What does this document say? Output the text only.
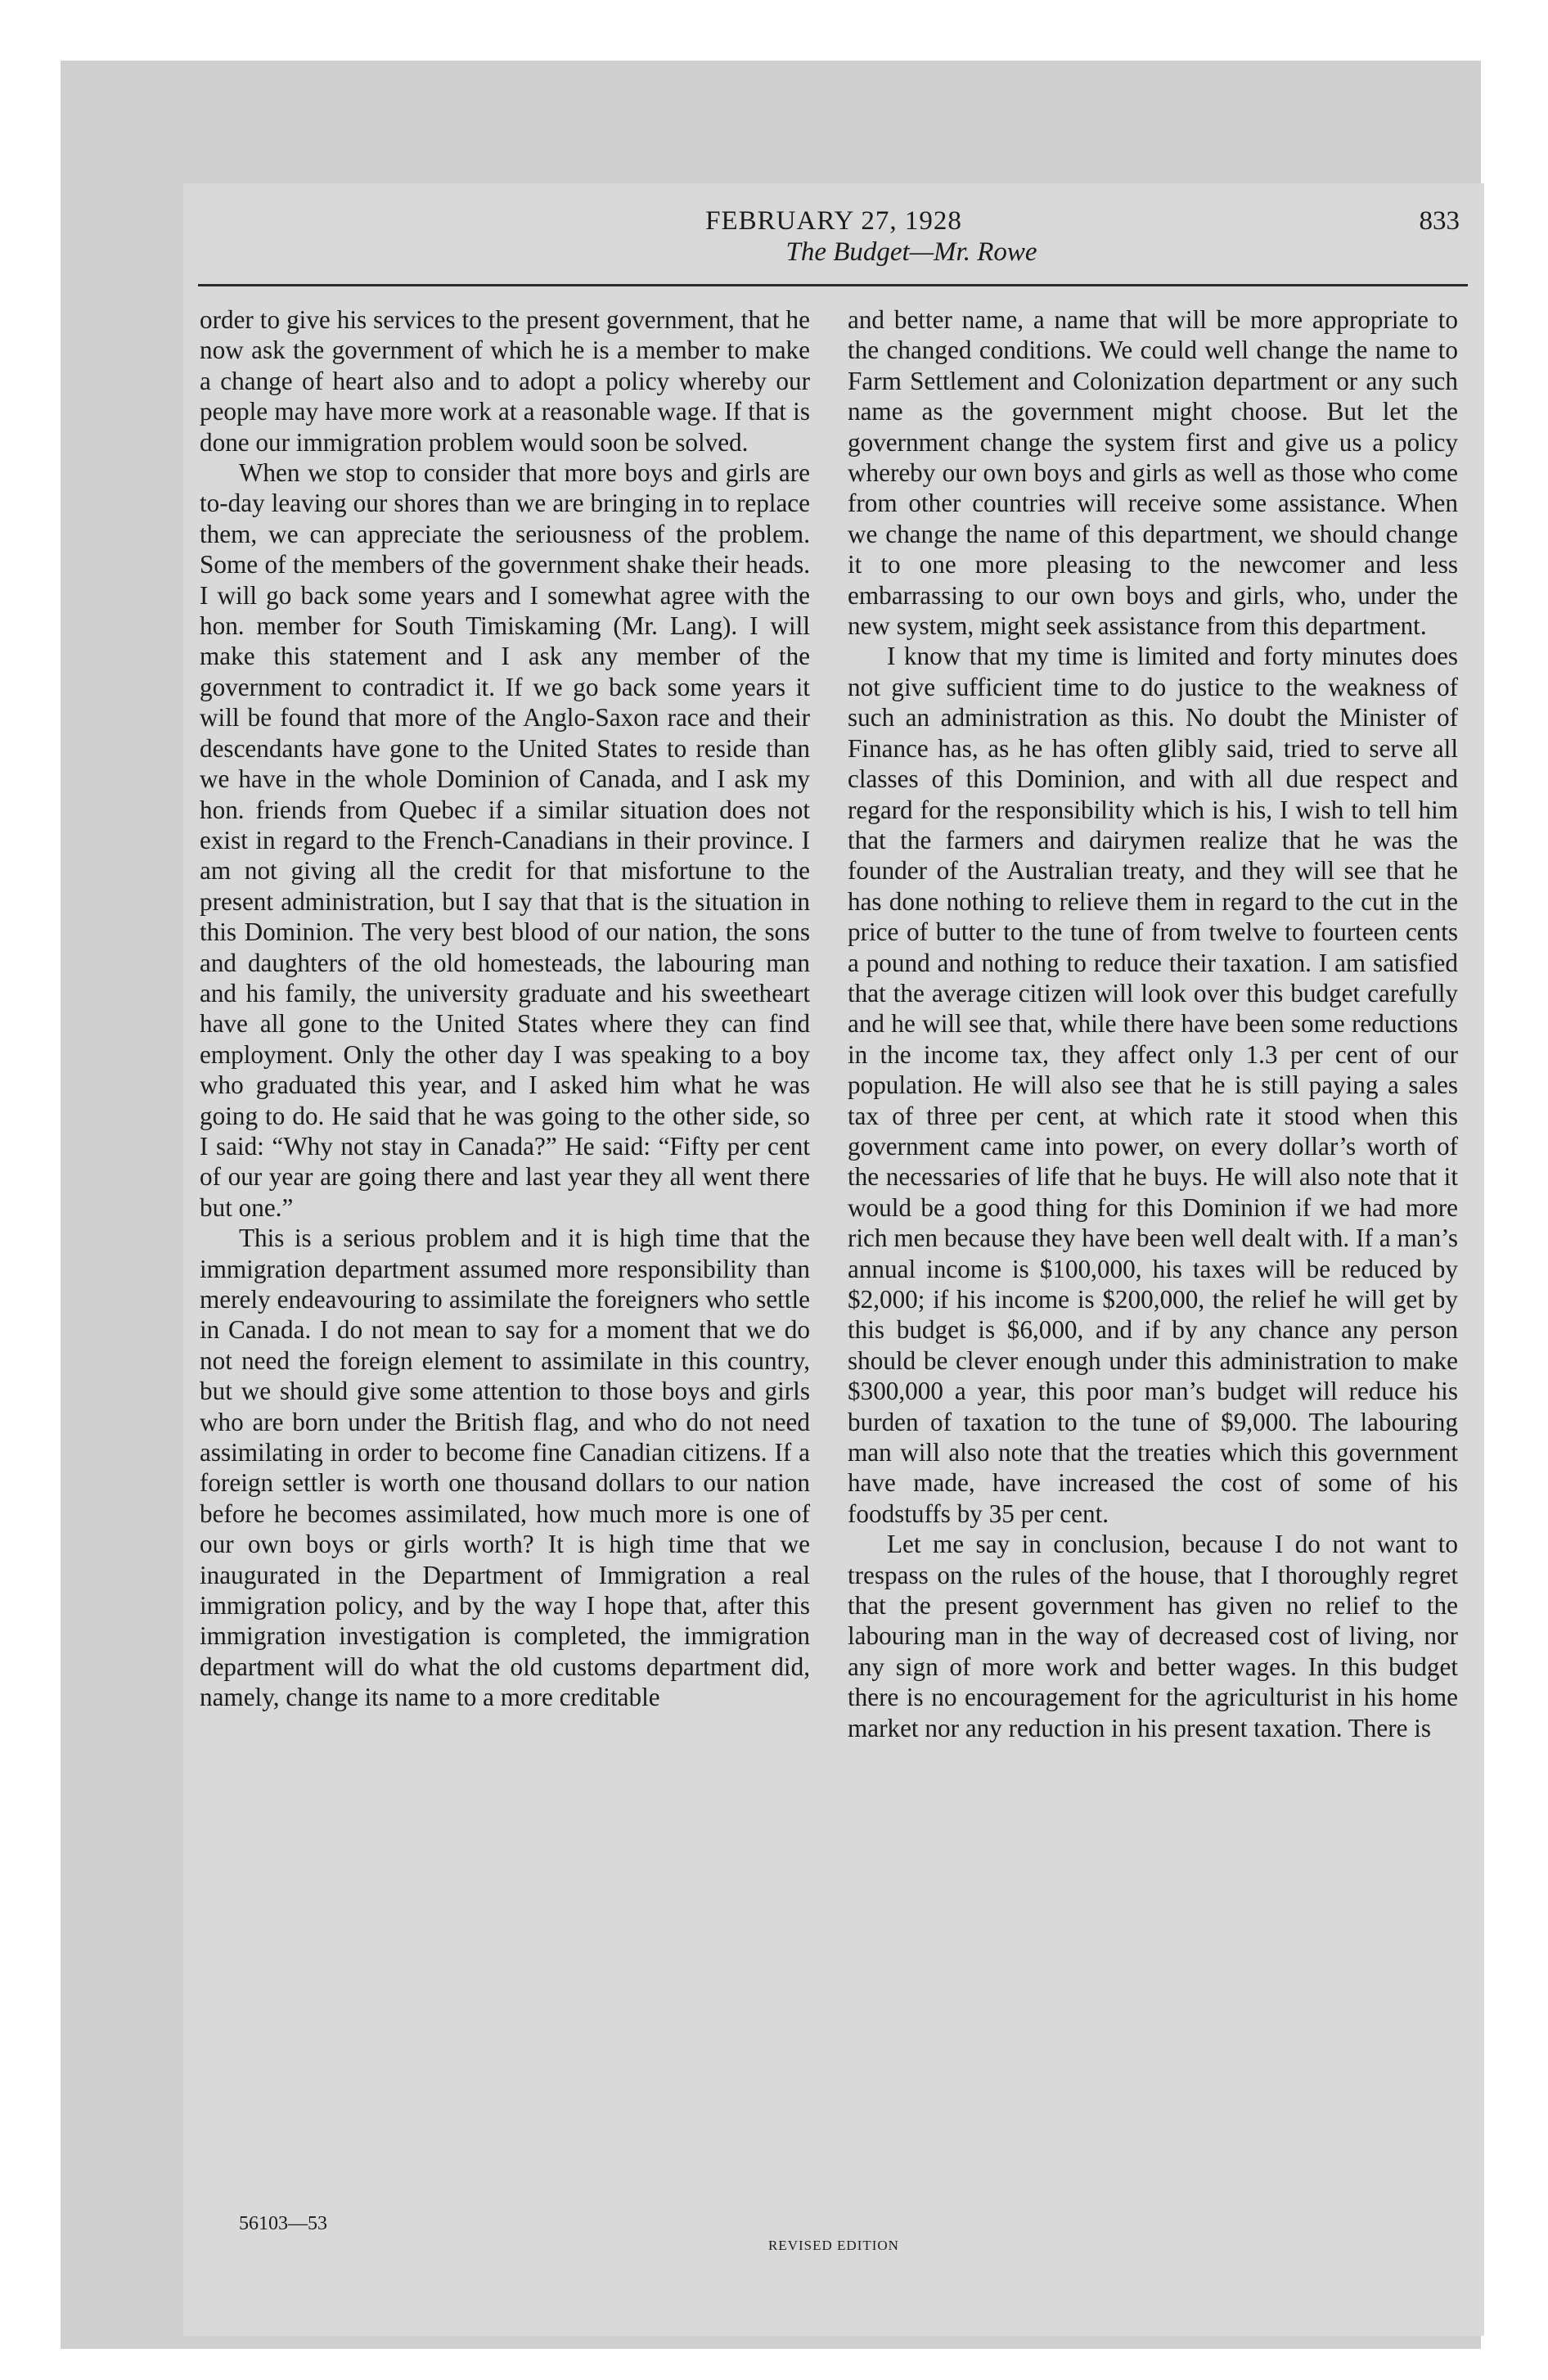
FEBRUARY 27, 1928	833
The Budget—Mr. Rowe

order to give his services to the present government, that he now ask the government of which he is a member to make a change of heart also and to adopt a policy whereby our people may have more work at a reasonable wage. If that is done our immigration problem would soon be solved.

When we stop to consider that more boys and girls are to-day leaving our shores than we are bringing in to replace them, we can appreciate the seriousness of the problem. Some of the members of the government shake their heads. I will go back some years and I somewhat agree with the hon. member for South Timiskaming (Mr. Lang). I will make this statement and I ask any member of the government to contradict it. If we go back some years it will be found that more of the Anglo-Saxon race and their descendants have gone to the United States to reside than we have in the whole Dominion of Canada, and I ask my hon. friends from Quebec if a similar situation does not exist in regard to the French-Canadians in their province. I am not giving all the credit for that misfortune to the present administration, but I say that that is the situation in this Dominion. The very best blood of our nation, the sons and daughters of the old homesteads, the labouring man and his family, the university graduate and his sweetheart have all gone to the United States where they can find employment. Only the other day I was speaking to a boy who graduated this year, and I asked him what he was going to do. He said that he was going to the other side, so I said: “Why not stay in Canada?” He said: “Fifty per cent of our year are going there and last year they all went there but one.”

This is a serious problem and it is high time that the immigration department assumed more responsibility than merely endeavouring to assimilate the foreigners who settle in Canada. I do not mean to say for a moment that we do not need the foreign element to assimilate in this country, but we should give some attention to those boys and girls who are born under the British flag, and who do not need assimilating in order to become fine Canadian citizens. If a foreign settler is worth one thousand dollars to our nation before he becomes assimilated, how much more is one of our own boys or girls worth? It is high time that we inaugurated in the Department of Immigration a real immigration policy, and by the way I hope that, after this immigration investigation is completed, the immigration department will do what the old customs department did, namely, change its name to a more creditable

and better name, a name that will be more appropriate to the changed conditions. We could well change the name to Farm Settlement and Colonization department or any such name as the government might choose. But let the government change the system first and give us a policy whereby our own boys and girls as well as those who come from other countries will receive some assistance. When we change the name of this department, we should change it to one more pleasing to the newcomer and less embarrassing to our own boys and girls, who, under the new system, might seek assistance from this department.

I know that my time is limited and forty minutes does not give sufficient time to do justice to the weakness of such an administration as this. No doubt the Minister of Finance has, as he has often glibly said, tried to serve all classes of this Dominion, and with all due respect and regard for the responsibility which is his, I wish to tell him that the farmers and dairymen realize that he was the founder of the Australian treaty, and they will see that he has done nothing to relieve them in regard to the cut in the price of butter to the tune of from twelve to fourteen cents a pound and nothing to reduce their taxation. I am satisfied that the average citizen will look over this budget carefully and he will see that, while there have been some reductions in the income tax, they affect only 1.3 per cent of our population. He will also see that he is still paying a sales tax of three per cent, at which rate it stood when this government came into power, on every dollar’s worth of the necessaries of life that he buys. He will also note that it would be a good thing for this Dominion if we had more rich men because they have been well dealt with. If a man’s annual income is $100,000, his taxes will be reduced by $2,000; if his income is $200,000, the relief he will get by this budget is $6,000, and if by any chance any person should be clever enough under this administration to make $300,000 a year, this poor man’s budget will reduce his burden of taxation to the tune of $9,000. The labouring man will also note that the treaties which this government have made, have increased the cost of some of his foodstuffs by 35 per cent.

Let me say in conclusion, because I do not want to trespass on the rules of the house, that I thoroughly regret that the present government has given no relief to the labouring man in the way of decreased cost of living, nor any sign of more work and better wages. In this budget there is no encouragement for the agriculturist in his home market nor any reduction in his present taxation. There is

56103—53
REVISED EDITION
